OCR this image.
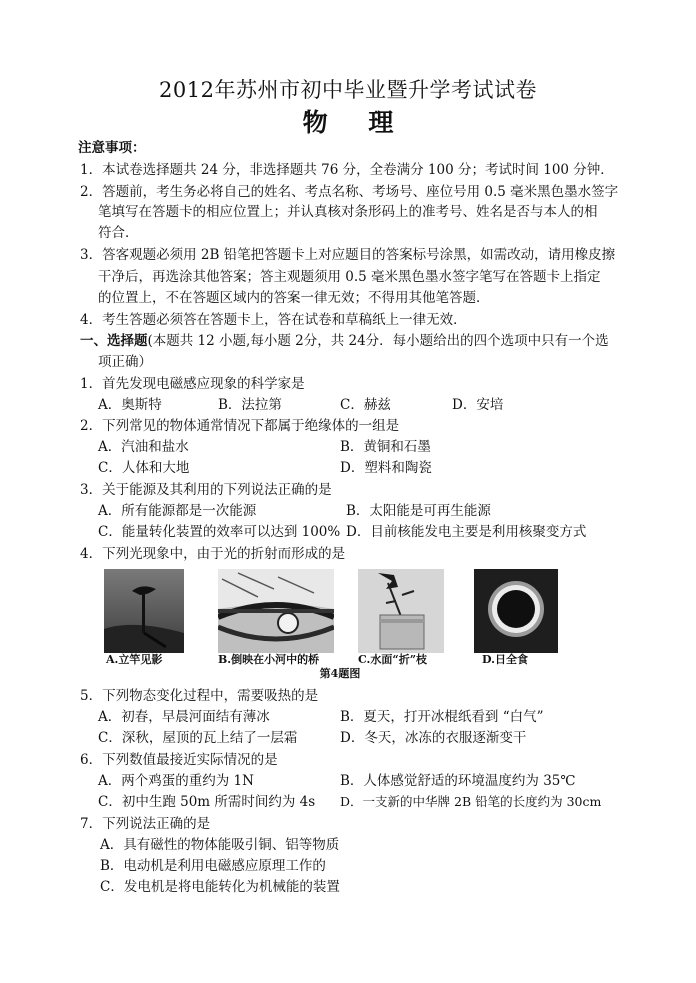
2012年苏州市初中毕业暨升学考试试卷
物 理
注意事项：
1．本试卷选择题共 24 分，非选择题共 76 分，全卷满分 100 分；考试时间 100 分钟．
2．答题前，考生务必将自己的姓名、考点名称、考场号、座位号用 0.5 毫米黑色墨水签字
笔填写在答题卡的相应位置上；并认真核对条形码上的准考号、姓名是否与本人的相
符合．
3．答客观题必须用 2B 铅笔把答题卡上对应题目的答案标号涂黑，如需改动，请用橡皮擦
干净后，再选涂其他答案；答主观题须用 0.5 毫米黑色墨水签字笔写在答题卡上指定
的位置上，不在答题区域内的答案一律无效；不得用其他笔答题．
4．考生答题必须答在答题卡上，答在试卷和草稿纸上一律无效．
一、选择题(本题共 12 小题,每小题 2分，共 24分．每小题给出的四个选项中只有一个选
项正确）
1．首先发现电磁感应现象的科学家是
A．奥斯特	B．法拉第	C．赫兹	D．安培
2．下列常见的物体通常情况下都属于绝缘体的一组是
A．汽油和盐水	B．黄铜和石墨
C．人体和大地	D．塑料和陶瓷
3．关于能源及其利用的下列说法正确的是
A．所有能源都是一次能源	B．太阳能是可再生能源
C．能量转化装置的效率可以达到 100% D．目前核能发电主要是利用核聚变方式
4．下列光现象中，由于光的折射而形成的是
A.立竿见影	B.倒映在小河中的桥	C.水面“折”枝	D.日全食
第4题图
5．下列物态变化过程中，需要吸热的是
A．初春，早晨河面结有薄冰	B．夏天，打开冰棍纸看到 “白气”
C．深秋，屋顶的瓦上结了一层霜	D．冬天，冰冻的衣服逐渐变干
6．下列数值最接近实际情况的是
A．两个鸡蛋的重约为 1N	B．人体感觉舒适的环境温度约为 35℃
C．初中生跑 50m 所需时间约为 4s D．一支新的中华牌 2B 铅笔的长度约为 30cm
7．下列说法正确的是
A．具有磁性的物体能吸引铜、铝等物质
B．电动机是利用电磁感应原理工作的
C．发电机是将电能转化为机械能的装置
